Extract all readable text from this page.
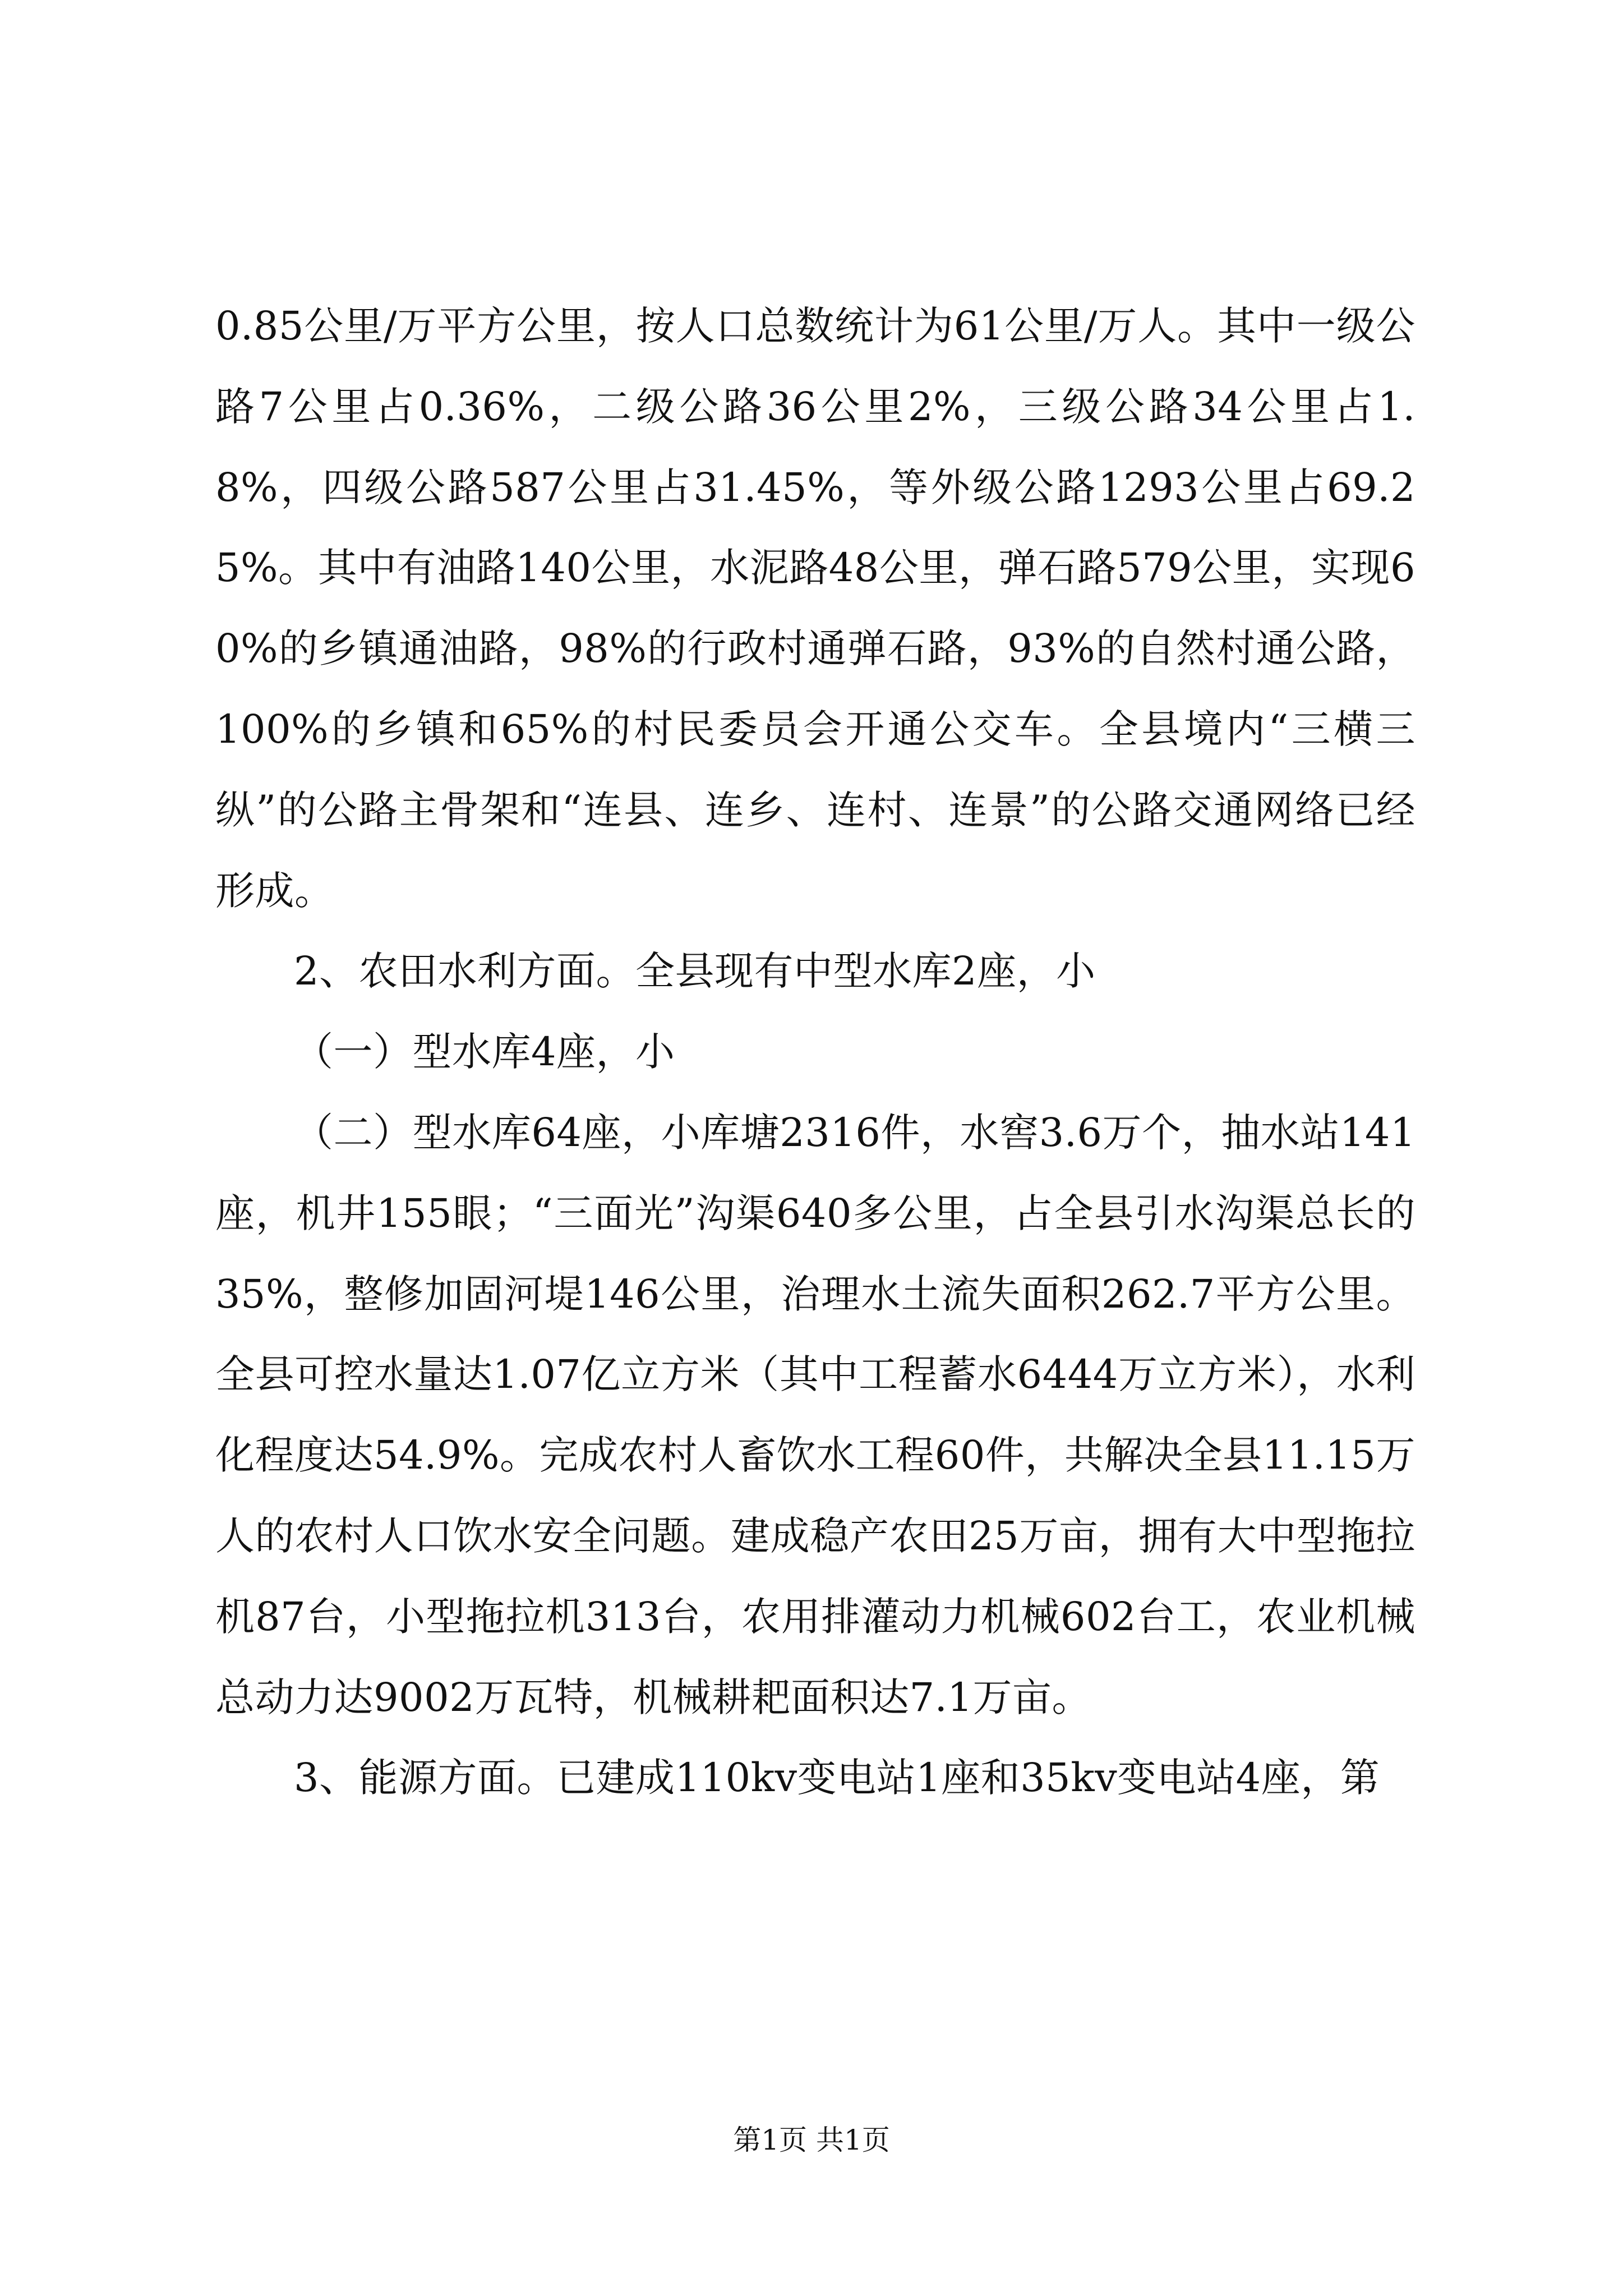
0.85公里/万平方公里，按人口总数统计为61公里/万人。其中一级公路7公里占0.36%，二级公路36公里2%，三级公路34公里占1.8%，四级公路587公里占31.45%，等外级公路1293公里占69.25%。其中有油路140公里，水泥路48公里，弹石路579公里，实现60%的乡镇通油路，98%的行政村通弹石路，93%的自然村通公路，100%的乡镇和65%的村民委员会开通公交车。全县境内“三横三纵”的公路主骨架和“连县、连乡、连村、连景”的公路交通网络已经形成。

2、农田水利方面。全县现有中型水库2座，小

（一）型水库4座，小

（二）型水库64座，小库塘2316件，水窖3.6万个，抽水站141座，机井155眼；“三面光”沟渠640多公里，占全县引水沟渠总长的35%，整修加固河堤146公里，治理水土流失面积262.7平方公里。全县可控水量达1.07亿立方米（其中工程蓄水6444万立方米），水利化程度达54.9%。完成农村人畜饮水工程60件，共解决全县11.15万人的农村人口饮水安全问题。建成稳产农田25万亩，拥有大中型拖拉机87台，小型拖拉机313台，农用排灌动力机械602台工，农业机械总动力达9002万瓦特，机械耕耙面积达7.1万亩。

3、能源方面。已建成110kv变电站1座和35kv变电站4座，第

第1页 共1页
